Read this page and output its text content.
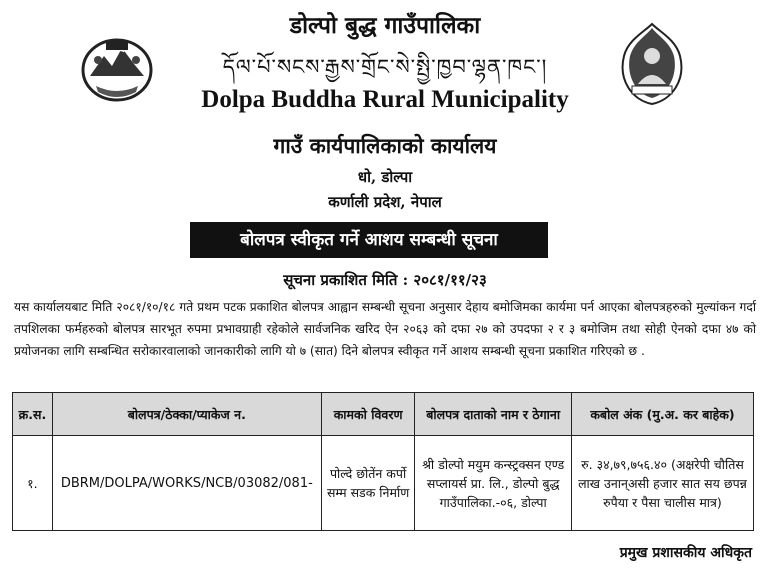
डोल्पो बुद्ध गाउँपालिका
དོལ་པོ་སངས་རྒྱས་གྲོང་སེ་སྤྱི་ཁྱབ་ལྷན་ཁང་།
Dolpa Buddha Rural Municipality
गाउँ कार्यपालिकाको कार्यालय
धो, डोल्पा
कर्णाली प्रदेश, नेपाल
बोलपत्र स्वीकृत गर्ने आशय सम्बन्धी सूचना
सूचना प्रकाशित मिति : २०८१/११/२३
यस कार्यालयबाट मिति २०८१/१०/१८ गते प्रथम पटक प्रकाशित बोलपत्र आह्वान सम्बन्धी सूचना अनुसार देहाय बमोजिमका कार्यमा पर्न आएका बोलपत्रहरुको मुल्यांकन गर्दा तपशिलका फर्महरुको बोलपत्र सारभूत रुपमा प्रभावग्राही रहेकोले सार्वजनिक खरिद ऐन २०६३ को दफा २७ को उपदफा २ र ३ बमोजिम तथा सोही ऐनको दफा ४७ को प्रयोजनका लागि सम्बन्धित सरोकारवालाको जानकारीको लागि यो ७ (सात) दिने बोलपत्र स्वीकृत गर्ने आशय सम्बन्धी सूचना प्रकाशित गरिएको छ .
क्र.स.	बोलपत्र/ठेक्का/प्याकेज न.	कामको विवरण	बोलपत्र दाताको नाम र ठेगाना	कबोल अंक (मु.अ. कर बाहेक)
१.	DBRM/DOLPA/WORKS/NCB/03082/081-	पोल्दे छोतेंन कर्पो सम्म सडक निर्माण	श्री डोल्पो मयुम कन्स्ट्रक्सन एण्ड सप्लायर्स प्रा. लि., डोल्पो बुद्ध गाउँपालिका.-०६, डोल्पा	रु. ३४,७९,७५६.४० (अक्षरेपी चौतिस लाख उनान्असी हजार सात सय छपन्न रुपैया र पैसा चालीस मात्र)
प्रमुख प्रशासकीय अधिकृत
